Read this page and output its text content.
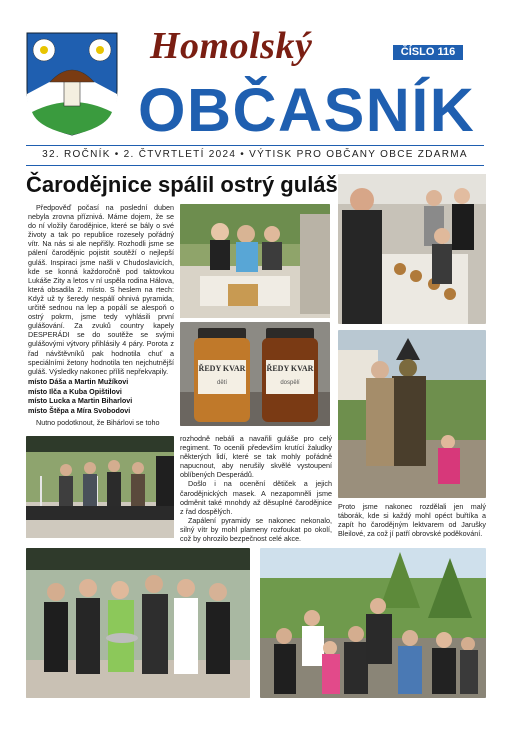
Homolský
OBČASNÍK
ČÍSLO 116
32. ROČNÍK • 2. ČTVRTLETÍ 2024 • VÝTISK PRO OBČANY OBCE ZDARMA
Čarodějnice spálil ostrý guláš

Předpověď počasí na poslední duben nebyla zrovna příznivá. Máme dojem, že se do ní vložily čarodějnice, které se bály o své životy a tak po republice rozesely pořádný vítr. Na nás si ale nepřišly. Rozhodli jsme se pálení čarodějnic pojistit soutěží o nejlepší guláš. Inspiraci jsme našli v Chudoslavicích, kde se konná každoročně pod taktovkou Lukáše Zity a letos v ní uspěla rodina Hálova, která obsadila 2. místo. S heslem na rtech: Když už ty šeredy nespálí ohnivá pyramida, určitě sednou na lep a popálí se alespoň o ostrý pokrm, jsme tedy vyhlásili první gulášování. Za zvuků country kapely DESPERÁDI se do soutěže se svými gulášovými výtvory přihlásily 4 páry. Porota z řad návštěvníků pak hodnotila chuť a speciálními žetony hodnotila ten nejchutnější guláš. Výsledky nakonec příliš nepřekvapily.

místo Dáša a Martin Mužíkovi
místo Ilča a Kuba Opištilovi
místo Lucka a Martin Biharlovi
místo Štěpa a Míra Svobodovi

Nutno podotknout, že Bihárlovi se toho

rozhodně nebáli a navařili guláše pro celý regiment. To ocenili především krutící žaludky některých lidí, které se tak mohly pořádně napucnout, aby nerušily skvělé vystoupení oblíbených Desperádů.

Došlo i na ocenění dětiček a jejich čarodějnických masek. A nezapomněli jsme odměnit také mnohdy až děsuplné čarodějnice z řad dospělých.

Zapálení pyramidy se nakonec nekonalo, silný vítr by mohl plameny rozfoukat po okolí, což by ohrozilo bezpečnost celé akce.

Proto jsme nakonec rozdělali jen malý táborák, kde si každý mohl opéct buřtíka a zapít ho čarodějným lektvarem od Jarušky Bleilové, za což jí patří obrovské poděkování.

ŘEDY KVAR
dětí
ŘEDY KVAR
dospělí
